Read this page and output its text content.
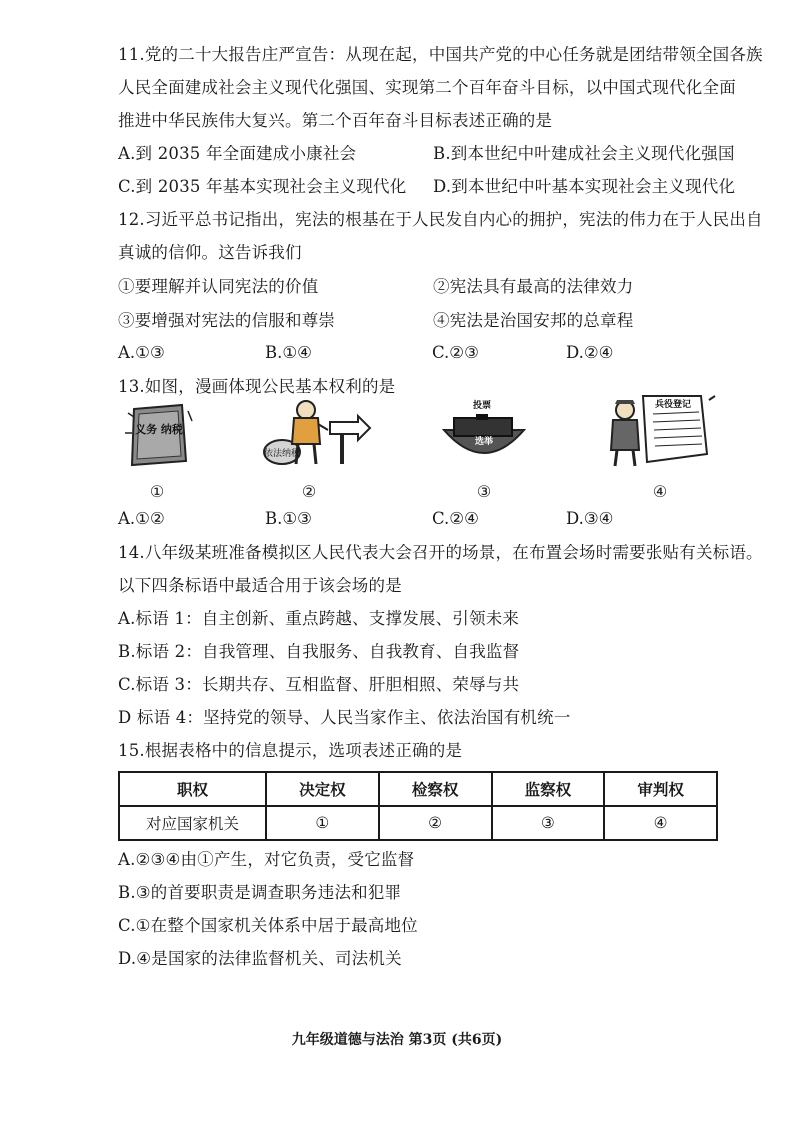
11.党的二十大报告庄严宣告：从现在起，中国共产党的中心任务就是团结带领全国各族
人民全面建成社会主义现代化强国、实现第二个百年奋斗目标，以中国式现代化全面
推进中华民族伟大复兴。第二个百年奋斗目标表述正确的是
A.到 2035 年全面建成小康社会	B.到本世纪中叶建成社会主义现代化强国
C.到 2035 年基本实现社会主义现代化 D.到本世纪中叶基本实现社会主义现代化
12.习近平总书记指出，宪法的根基在于人民发自内心的拥护，宪法的伟力在于人民出自
真诚的信仰。这告诉我们
①要理解并认同宪法的价值	②宪法具有最高的法律效力
③要增强对宪法的信服和尊崇	④宪法是治国安邦的总章程
A.①③	B.①④	C.②③	D.②④
13.如图，漫画体现公民基本权利的是
义务 纳税
依法纳税
投票
选举
兵役登记
①	②	③	④
A.①②	B.①③	C.②④	D.③④
14.八年级某班准备模拟区人民代表大会召开的场景，在布置会场时需要张贴有关标语。
以下四条标语中最适合用于该会场的是
A.标语 1：自主创新、重点跨越、支撑发展、引领未来
B.标语 2：自我管理、自我服务、自我教育、自我监督
C.标语 3：长期共存、互相监督、肝胆相照、荣辱与共
D 标语 4：坚持党的领导、人民当家作主、依法治国有机统一
15.根据表格中的信息提示，选项表述正确的是
职权	决定权	检察权	监察权	审判权
对应国家机关	①	②	③	④
A.②③④由①产生，对它负责，受它监督
B.③的首要职责是调查职务违法和犯罪
C.①在整个国家机关体系中居于最高地位
D.④是国家的法律监督机关、司法机关
九年级道德与法治 第3页 (共6页)
